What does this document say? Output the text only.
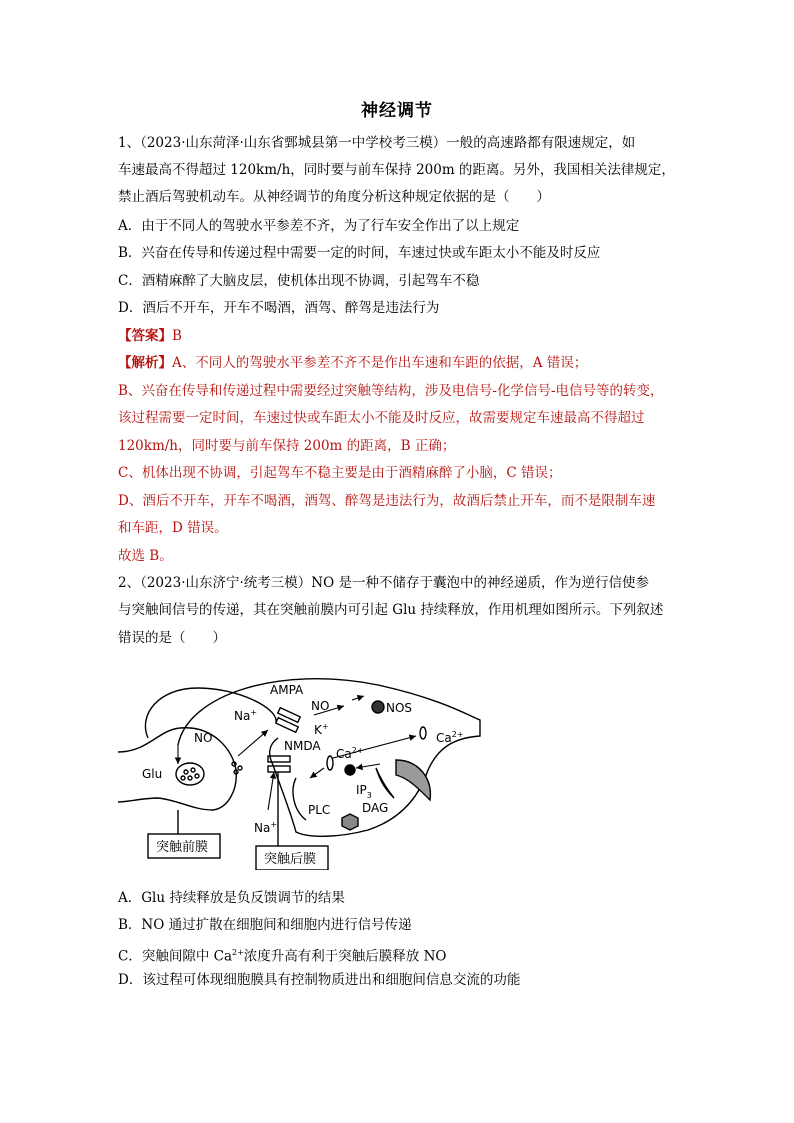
神经调节
1、（2023·山东菏泽·山东省鄄城县第一中学校考三模）一般的高速路都有限速规定，如
车速最高不得超过 120km/h，同时要与前车保持 200m 的距离。另外，我国相关法律规定，
禁止酒后驾驶机动车。从神经调节的角度分析这种规定依据的是（　　）
A．由于不同人的驾驶水平参差不齐，为了行车安全作出了以上规定
B．兴奋在传导和传递过程中需要一定的时间，车速过快或车距太小不能及时反应
C．酒精麻醉了大脑皮层，使机体出现不协调，引起驾车不稳
D．酒后不开车，开车不喝酒，酒驾、醉驾是违法行为
【答案】B
【解析】A、不同人的驾驶水平参差不齐不是作出车速和车距的依据，A 错误；
B、兴奋在传导和传递过程中需要经过突触等结构，涉及电信号-化学信号-电信号等的转变，
该过程需要一定时间，车速过快或车距太小不能及时反应，故需要规定车速最高不得超过
120km/h，同时要与前车保持 200m 的距离，B 正确；
C、机体出现不协调，引起驾车不稳主要是由于酒精麻醉了小脑，C 错误；
D、酒后不开车，开车不喝酒，酒驾、醉驾是违法行为，故酒后禁止开车，而不是限制车速
和车距，D 错误。
故选 B。
2、（2023·山东济宁·统考三模）NO 是一种不储存于囊泡中的神经递质，作为逆行信使参
与突触间信号的传递，其在突触前膜内可引起 Glu 持续释放，作用机理如图所示。下列叙述
错误的是（　　）
AMPA
NO	NOS
Na+
K+
NMDA
NO
$Ca^{2+}$
$Ca^{2+}$
Glu
$IP_3$
PLC	DAG
Na+
突触前膜
突触后膜
A．Glu 持续释放是负反馈调节的结果
B．NO 通过扩散在细胞间和细胞内进行信号传递
C．突触间隙中 $Ca^{2+}$浓度升高有利于突触后膜释放 NO
D．该过程可体现细胞膜具有控制物质进出和细胞间信息交流的功能
